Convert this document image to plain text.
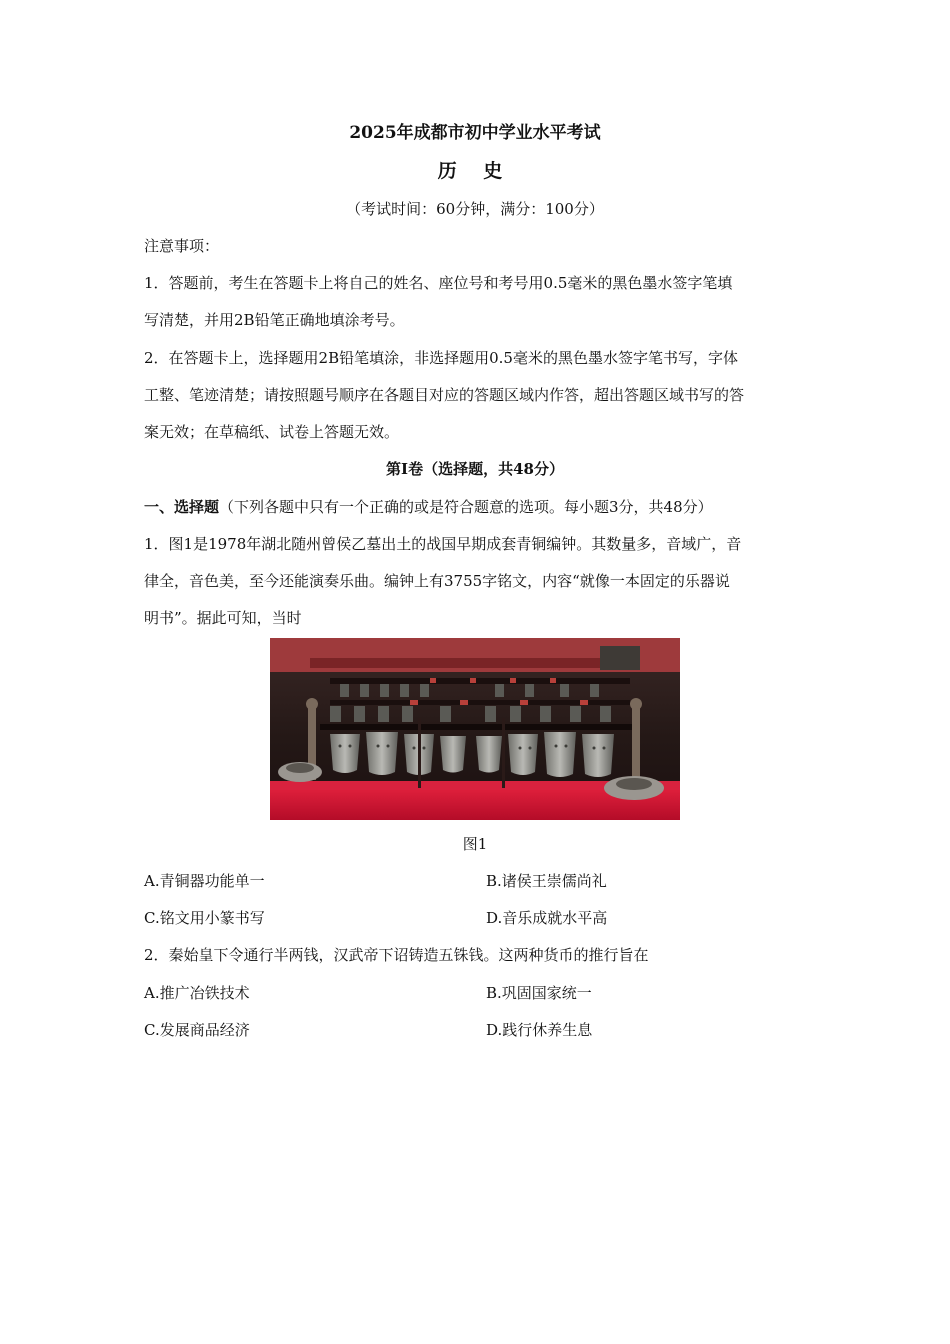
2025年成都市初中学业水平考试
历 史
（考试时间：60分钟，满分：100分）
注意事项：
1．答题前，考生在答题卡上将自己的姓名、座位号和考号用0.5毫米的黑色墨水签字笔填
写清楚，并用2B铅笔正确地填涂考号。
2．在答题卡上，选择题用2B铅笔填涂，非选择题用0.5毫米的黑色墨水签字笔书写，字体
工整、笔迹清楚；请按照题号顺序在各题目对应的答题区域内作答，超出答题区域书写的答
案无效；在草稿纸、试卷上答题无效。
第Ⅰ卷（选择题，共48分）
一、选择题（下列各题中只有一个正确的或是符合题意的选项。每小题3分，共48分）
1．图1是1978年湖北随州曾侯乙墓出土的战国早期成套青铜编钟。其数量多，音域广，音
律全，音色美，至今还能演奏乐曲。编钟上有3755字铭文，内容“就像一本固定的乐器说
明书”。据此可知，当时
图1
A.青铜器功能单一	B.诸侯王崇儒尚礼
C.铭文用小篆书写	D.音乐成就水平高
2．秦始皇下令通行半两钱，汉武帝下诏铸造五铢钱。这两种货币的推行旨在
A.推广冶铁技术	B.巩固国家统一
C.发展商品经济	D.践行休养生息
